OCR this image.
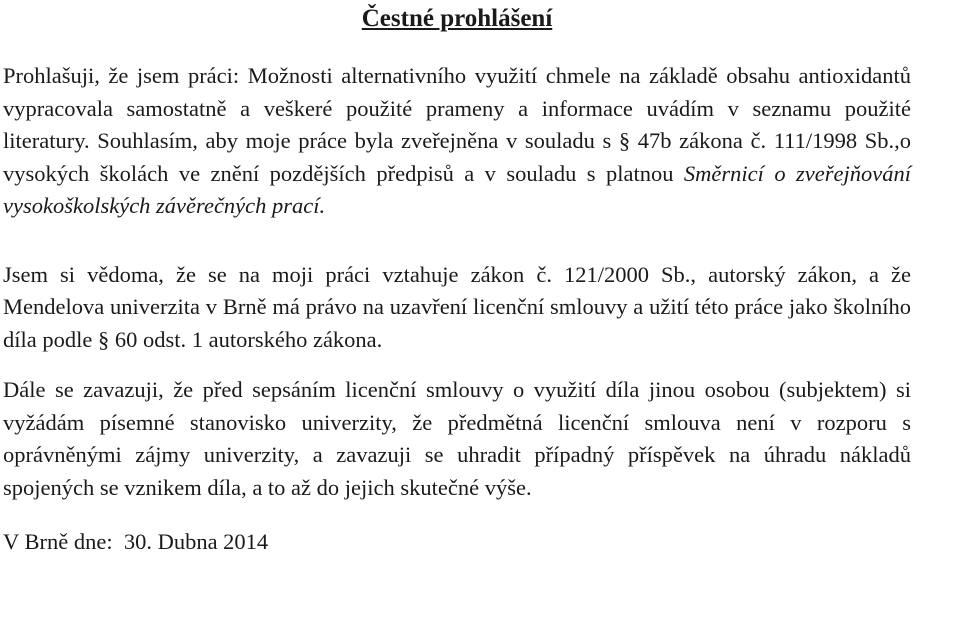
Čestné prohlášení

Prohlašuji, že jsem práci: Možnosti alternativního využití chmele na základě obsahu antioxidantů vypracovala samostatně a veškeré použité prameny a informace uvádím v seznamu použité literatury. Souhlasím, aby moje práce byla zveřejněna v souladu s § 47b zákona č. 111/1998 Sb.,o vysokých školách ve znění pozdějších předpisů a v souladu s platnou Směrnicí o zveřejňování vysokoškolských závěrečných prací.

Jsem si vědoma, že se na moji práci vztahuje zákon č. 121/2000 Sb., autorský zákon, a že Mendelova univerzita v Brně má právo na uzavření licenční smlouvy a užití této práce jako školního díla podle § 60 odst. 1 autorského zákona.

Dále se zavazuji, že před sepsáním licenční smlouvy o využití díla jinou osobou (subjektem) si vyžádám písemné stanovisko univerzity, že předmětná licenční smlouva není v rozporu s oprávněnými zájmy univerzity, a zavazuji se uhradit případný příspěvek na úhradu nákladů spojených se vznikem díla, a to až do jejich skutečné výše.

V Brně dne:  30. Dubna 2014
